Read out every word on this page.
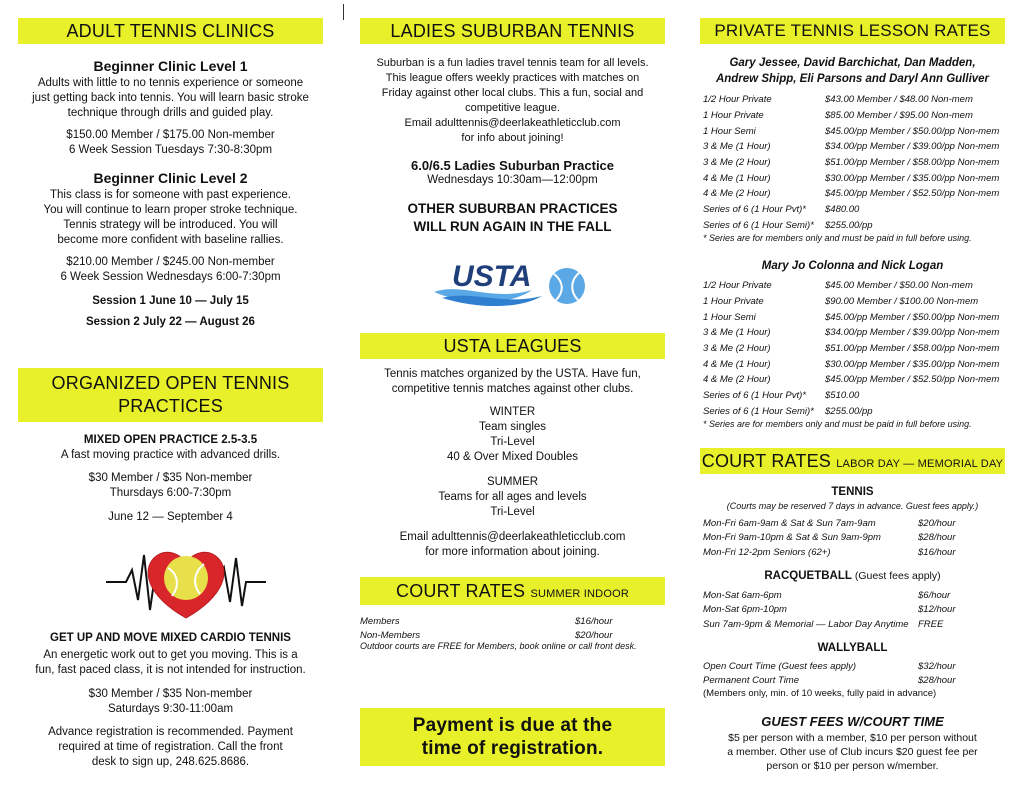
ADULT TENNIS CLINICS
Beginner Clinic Level 1
Adults with little to no tennis experience or someone
just getting back into tennis. You will learn basic stroke
technique through drills and guided play.
$150.00 Member / $175.00 Non-member
6 Week Session Tuesdays 7:30-8:30pm
Beginner Clinic Level 2
This class is for someone with past experience.
You will continue to learn proper stroke technique.
Tennis strategy will be introduced. You will
become more confident with baseline rallies.
$210.00 Member / $245.00 Non-member
6 Week Session Wednesdays 6:00-7:30pm
Session 1 June 10 — July 15
Session 2 July 22 — August 26
ORGANIZED OPEN TENNIS
PRACTICES
MIXED OPEN PRACTICE 2.5-3.5
A fast moving practice with advanced drills.
$30 Member / $35 Non-member
Thursdays 6:00-7:30pm
June 12 — September 4
GET UP AND MOVE MIXED CARDIO TENNIS
An energetic work out to get you moving. This is a
fun, fast paced class, it is not intended for instruction.
$30 Member / $35 Non-member
Saturdays 9:30-11:00am
Advance registration is recommended. Payment
required at time of registration. Call the front
desk to sign up, 248.625.8686.
LADIES SUBURBAN TENNIS
Suburban is a fun ladies travel tennis team for all levels.
This league offers weekly practices with matches on
Friday against other local clubs. This a fun, social and
competitive league.
Email adulttennis@deerlakeathleticclub.com
for info about joining!
6.0/6.5 Ladies Suburban Practice
Wednesdays 10:30am—12:00pm
OTHER SUBURBAN PRACTICES
WILL RUN AGAIN IN THE FALL
USTA
USTA LEAGUES
Tennis matches organized by the USTA. Have fun,
competitive tennis matches against other clubs.
WINTER
Team singles
Tri-Level
40 & Over Mixed Doubles
SUMMER
Teams for all ages and levels
Tri-Level
Email adulttennis@deerlakeathleticclub.com
for more information about joining.
COURT RATES SUMMER INDOOR
Members	$16/hour
Non-Members	$20/hour
Outdoor courts are FREE for Members, book online or call front desk.
Payment is due at the
time of registration.
PRIVATE TENNIS LESSON RATES
Gary Jessee, David Barchichat, Dan Madden,
Andrew Shipp, Eli Parsons and Daryl Ann Gulliver
1/2 Hour Private	$43.00 Member / $48.00 Non-mem
1 Hour Private	$85.00 Member / $95.00 Non-mem
1 Hour Semi	$45.00/pp Member / $50.00/pp Non-mem
3 & Me (1 Hour)	$34.00/pp Member / $39.00/pp Non-mem
3 & Me (2 Hour)	$51.00/pp Member / $58.00/pp Non-mem
4 & Me (1 Hour)	$30.00/pp Member / $35.00/pp Non-mem
4 & Me (2 Hour)	$45.00/pp Member / $52.50/pp Non-mem
Series of 6 (1 Hour Pvt)*	$480.00
Series of 6 (1 Hour Semi)*	$255.00/pp
* Series are for members only and must be paid in full before using.
Mary Jo Colonna and Nick Logan
1/2 Hour Private	$45.00 Member / $50.00 Non-mem
1 Hour Private	$90.00 Member / $100.00 Non-mem
1 Hour Semi	$45.00/pp Member / $50.00/pp Non-mem
3 & Me (1 Hour)	$34.00/pp Member / $39.00/pp Non-mem
3 & Me (2 Hour)	$51.00/pp Member / $58.00/pp Non-mem
4 & Me (1 Hour)	$30.00/pp Member / $35.00/pp Non-mem
4 & Me (2 Hour)	$45.00/pp Member / $52.50/pp Non-mem
Series of 6 (1 Hour Pvt)*	$510.00
Series of 6 (1 Hour Semi)*	$255.00/pp
* Series are for members only and must be paid in full before using.
COURT RATES LABOR DAY — MEMORIAL DAY
TENNIS
(Courts may be reserved 7 days in advance. Guest fees apply.)
Mon-Fri 6am-9am & Sat & Sun 7am-9am	$20/hour
Mon-Fri 9am-10pm & Sat & Sun 9am-9pm	$28/hour
Mon-Fri 12-2pm Seniors (62+)	$16/hour
RACQUETBALL (Guest fees apply)
Mon-Sat 6am-6pm	$6/hour
Mon-Sat 6pm-10pm	$12/hour
Sun 7am-9pm & Memorial — Labor Day Anytime	FREE
WALLYBALL
Open Court Time (Guest fees apply)	$32/hour
Permanent Court Time	$28/hour
(Members only, min. of 10 weeks, fully paid in advance)
GUEST FEES W/COURT TIME
$5 per person with a member, $10 per person without
a member. Other use of Club incurs $20 guest fee per
person or $10 per person w/member.
